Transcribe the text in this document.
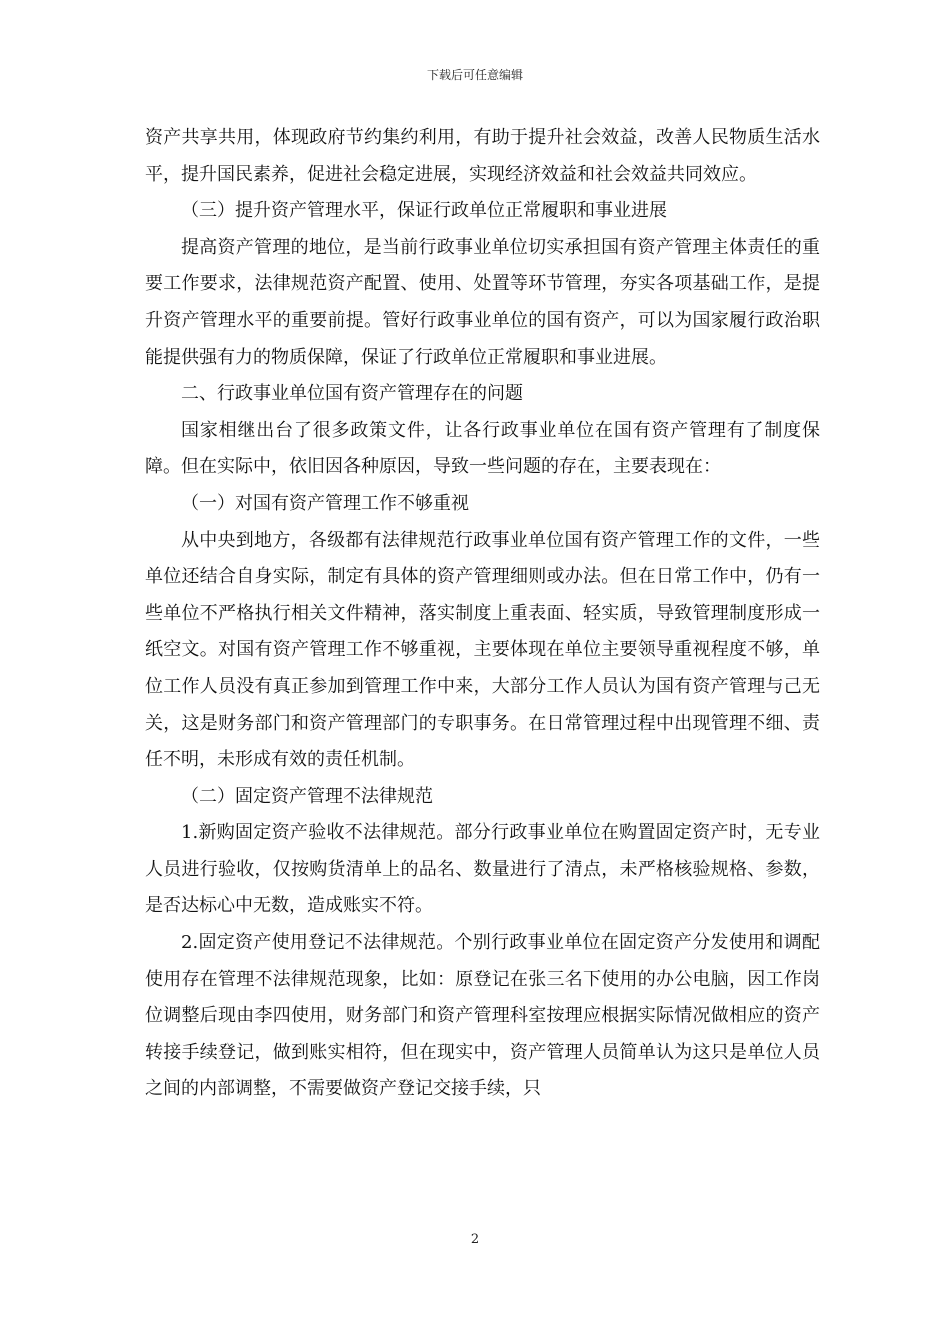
下载后可任意编辑

资产共享共用，体现政府节约集约利用，有助于提升社会效益，改善人民物质生活水平，提升国民素养，促进社会稳定进展，实现经济效益和社会效益共同效应。

（三）提升资产管理水平，保证行政单位正常履职和事业进展

提高资产管理的地位，是当前行政事业单位切实承担国有资产管理主体责任的重要工作要求，法律规范资产配置、使用、处置等环节管理，夯实各项基础工作，是提升资产管理水平的重要前提。管好行政事业单位的国有资产，可以为国家履行政治职能提供强有力的物质保障，保证了行政单位正常履职和事业进展。

二、行政事业单位国有资产管理存在的问题

国家相继出台了很多政策文件，让各行政事业单位在国有资产管理有了制度保障。但在实际中，依旧因各种原因，导致一些问题的存在，主要表现在：

（一）对国有资产管理工作不够重视

从中央到地方，各级都有法律规范行政事业单位国有资产管理工作的文件，一些单位还结合自身实际，制定有具体的资产管理细则或办法。但在日常工作中，仍有一些单位不严格执行相关文件精神，落实制度上重表面、轻实质，导致管理制度形成一纸空文。对国有资产管理工作不够重视，主要体现在单位主要领导重视程度不够，单位工作人员没有真正参加到管理工作中来，大部分工作人员认为国有资产管理与己无关，这是财务部门和资产管理部门的专职事务。在日常管理过程中出现管理不细、责任不明，未形成有效的责任机制。

（二）固定资产管理不法律规范

1.新购固定资产验收不法律规范。部分行政事业单位在购置固定资产时，无专业人员进行验收，仅按购货清单上的品名、数量进行了清点，未严格核验规格、参数，是否达标心中无数，造成账实不符。

2.固定资产使用登记不法律规范。个别行政事业单位在固定资产分发使用和调配使用存在管理不法律规范现象，比如：原登记在张三名下使用的办公电脑，因工作岗位调整后现由李四使用，财务部门和资产管理科室按理应根据实际情况做相应的资产转接手续登记，做到账实相符，但在现实中，资产管理人员简单认为这只是单位人员之间的内部调整，不需要做资产登记交接手续，只

2
